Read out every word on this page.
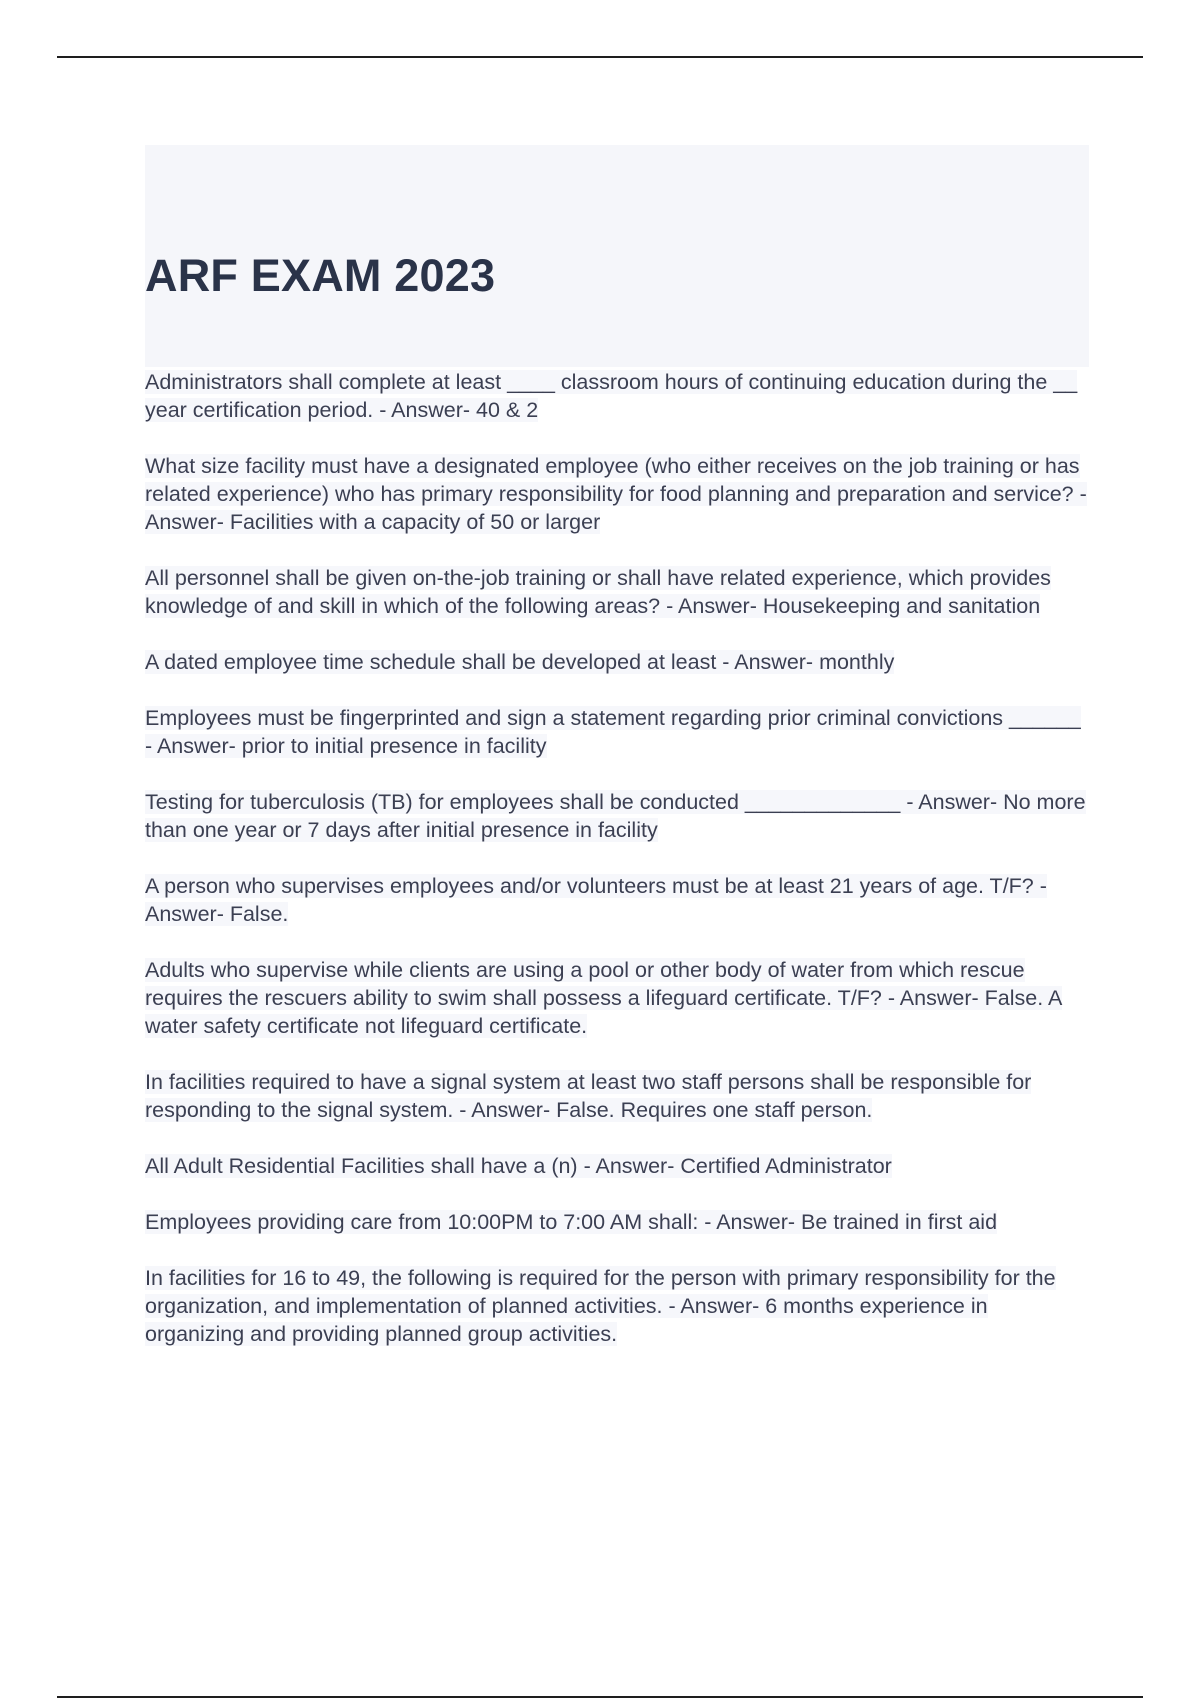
ARF EXAM 2023
Administrators shall complete at least ____ classroom hours of continuing education during the __ year certification period. - Answer- 40 & 2
What size facility must have a designated employee (who either receives on the job training or has related experience) who has primary responsibility for food planning and preparation and service? - Answer- Facilities with a capacity of 50 or larger
All personnel shall be given on-the-job training or shall have related experience, which provides knowledge of and skill in which of the following areas? - Answer- Housekeeping and sanitation
A dated employee time schedule shall be developed at least - Answer- monthly
Employees must be fingerprinted and sign a statement regarding prior criminal convictions ______ - Answer- prior to initial presence in facility
Testing for tuberculosis (TB) for employees shall be conducted _____________ - Answer- No more than one year or 7 days after initial presence in facility
A person who supervises employees and/or volunteers must be at least 21 years of age. T/F? - Answer- False.
Adults who supervise while clients are using a pool or other body of water from which rescue requires the rescuers ability to swim shall possess a lifeguard certificate. T/F? - Answer- False. A water safety certificate not lifeguard certificate.
In facilities required to have a signal system at least two staff persons shall be responsible for responding to the signal system. - Answer- False. Requires one staff person.
All Adult Residential Facilities shall have a (n) - Answer- Certified Administrator
Employees providing care from 10:00PM to 7:00 AM shall: - Answer- Be trained in first aid
In facilities for 16 to 49, the following is required for the person with primary responsibility for the organization, and implementation of planned activities. - Answer- 6 months experience in organizing and providing planned group activities.
